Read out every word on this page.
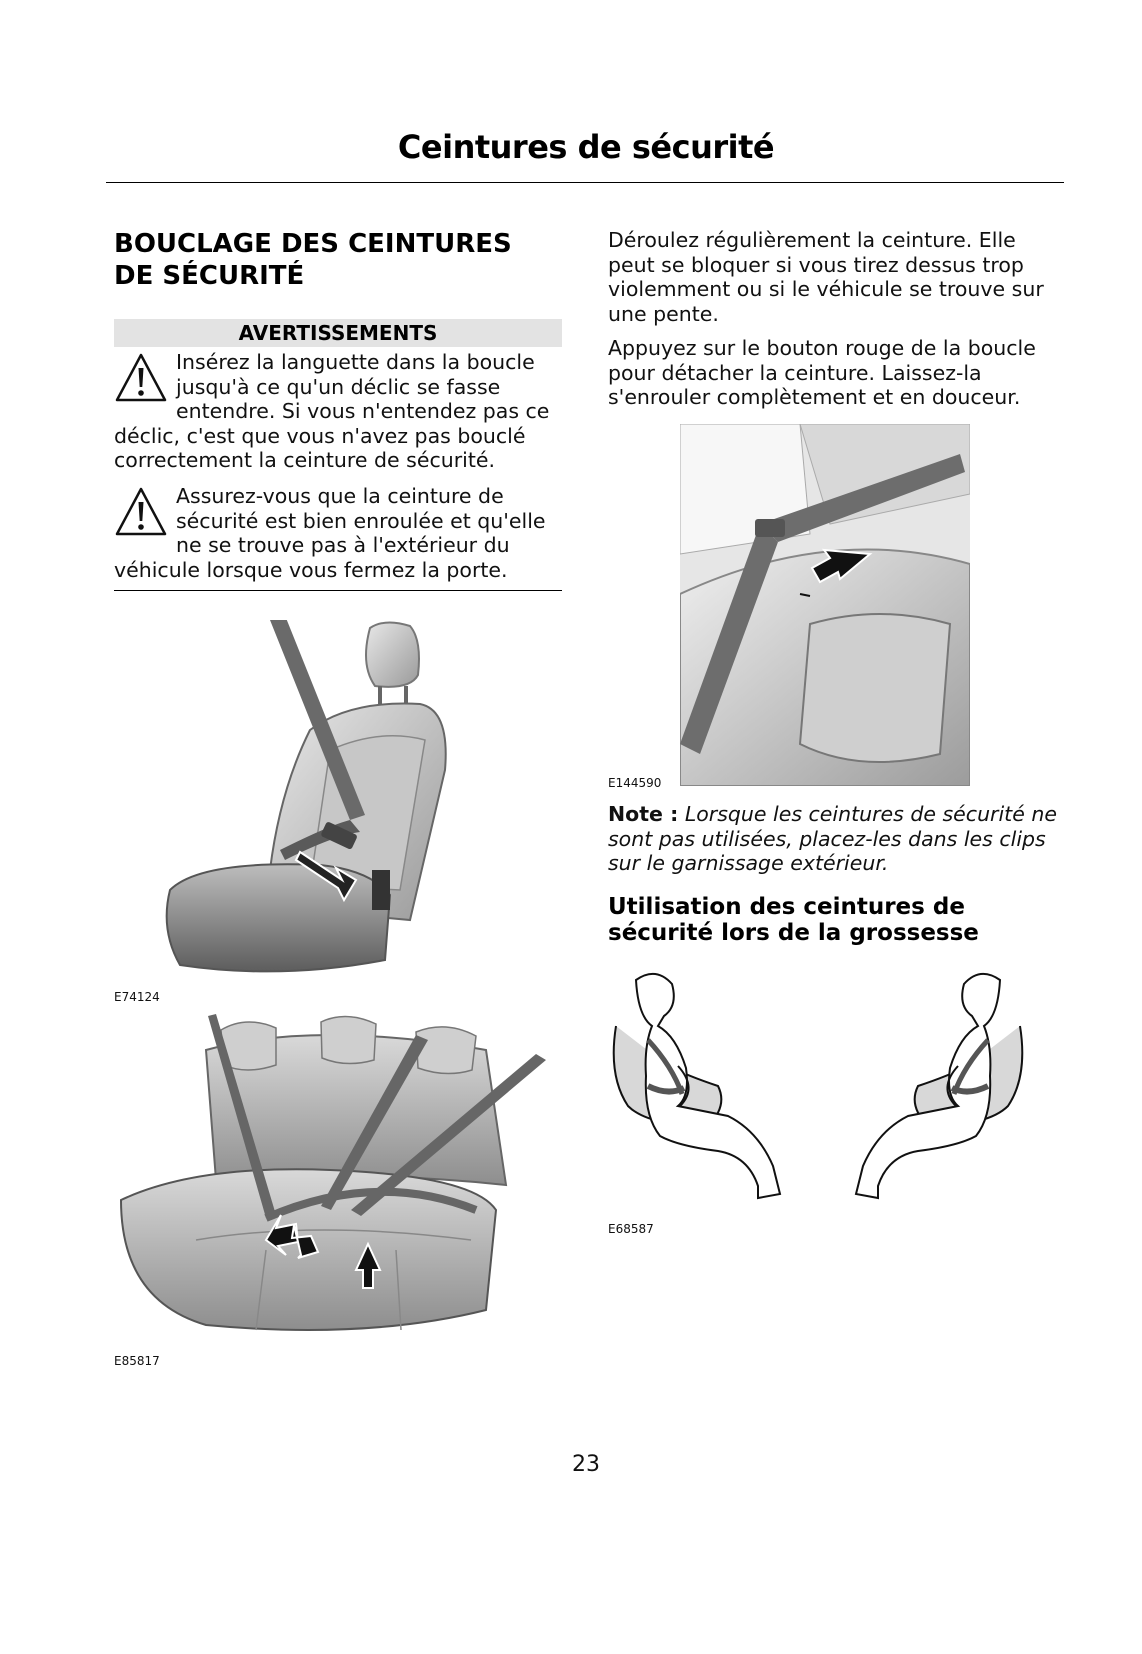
Ceintures de sécurité
BOUCLAGE DES CEINTURES
DE SÉCURITÉ
AVERTISSEMENTS
Insérez la languette dans la boucle jusqu'à ce qu'un déclic se fasse entendre. Si vous n'entendez pas ce déclic, c'est que vous n'avez pas bouclé correctement la ceinture de sécurité.
Assurez-vous que la ceinture de sécurité est bien enroulée et qu'elle ne se trouve pas à l'extérieur du véhicule lorsque vous fermez la porte.
E74124
E85817
Déroulez régulièrement la ceinture. Elle peut se bloquer si vous tirez dessus trop violemment ou si le véhicule se trouve sur une pente.
Appuyez sur le bouton rouge de la boucle pour détacher la ceinture. Laissez-la s'enrouler complètement et en douceur.
E144590
Note : Lorsque les ceintures de sécurité ne sont pas utilisées, placez-les dans les clips sur le garnissage extérieur.
Utilisation des ceintures de
sécurité lors de la grossesse
E68587
23
